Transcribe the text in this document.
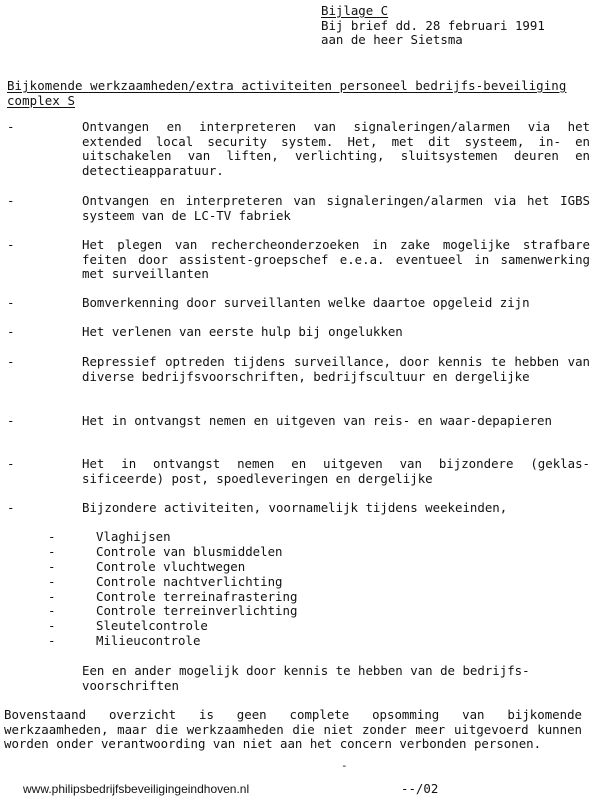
Bijlage C
Bij brief dd. 28 februari 1991
aan de heer Sietsma
Bijkomende werkzaamheden/extra activiteiten personeel bedrijfs-beveiliging complex S
-	Ontvangen en interpreteren van signaleringen/alarmen via het extended local security system. Het, met dit systeem, in- en uitschakelen van liften, verlichting, sluitsystemen deuren en detectieapparatuur.
-	Ontvangen en interpreteren van signaleringen/alarmen via het IGBS systeem van de LC-TV fabriek
-	Het plegen van rechercheonderzoeken in zake mogelijke strafbare feiten door assistent-groepschef e.e.a. eventueel in samenwerking met surveillanten
-	Bomverkenning door surveillanten welke daartoe opgeleid zijn
-	Het verlenen van eerste hulp bij ongelukken
-	Repressief optreden tijdens surveillance, door kennis te hebben van diverse bedrijfsvoorschriften, bedrijfscultuur en dergelijke
-	Het in ontvangst nemen en uitgeven van reis- en waar-depapieren
-	Het in ontvangst nemen en uitgeven van bijzondere (geklas-sificeerde) post, spoedleveringen en dergelijke
-	Bijzondere activiteiten, voornamelijk tijdens weekeinden,
-	Vlaghijsen
-	Controle van blusmiddelen
-	Controle vluchtwegen
-	Controle nachtverlichting
-	Controle terreinafrastering
-	Controle terreinverlichting
-	Sleutelcontrole
-	Milieucontrole
Een en ander mogelijk door kennis te hebben van de bedrijfs-voorschriften
Bovenstaand overzicht is geen complete opsomming van bijkomende werkzaamheden, maar die werkzaamheden die niet zonder meer uitgevoerd kunnen worden onder verantwoording van niet aan het concern verbonden personen.
-
www.philipsbedrijfsbeveiligingeindhoven.nl	--/02
